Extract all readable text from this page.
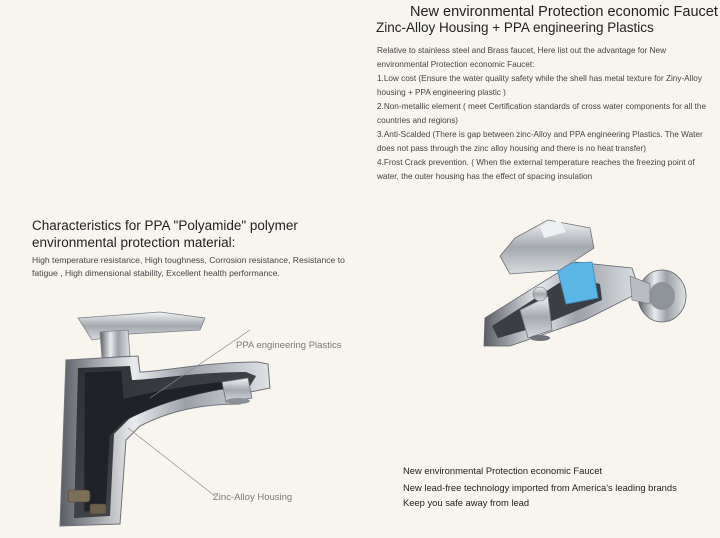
New environmental Protection economic Faucet
Zinc-Alloy Housing + PPA engineering Plastics

Relative to stainless steel and Brass faucet, Here list out the advantage for New environmental Protection economic Faucet:

1.Low cost (Ensure the water quality safety while the shell has metal texture for Ziny-Alloy housing + PPA engineering plastic )

2.Non-metallic element ( meet Certification standards of cross water components for all the countries and regions)

3.Anti-Scalded (There is gap between zinc-Alloy and PPA engineering Plastics. The Water does not pass through the zinc alloy housing and there is no heat transfer)

4.Frost Crack prevention. ( When the external temperature reaches the freezing point of water, the outer housing has the effect of spacing insulation

Characteristics for PPA "Polyamide" polymer
environmental protection material:
High temperature resistance, High toughness, Corrosion resistance, Resistance to fatigue , High dimensional stability, Excellent health performance.
PPA engineering Plastics
Zinc-Alloy Housing
New environmental Protection economic Faucet
New lead-free technology imported from America's leading brands
Keep you safe away from lead
